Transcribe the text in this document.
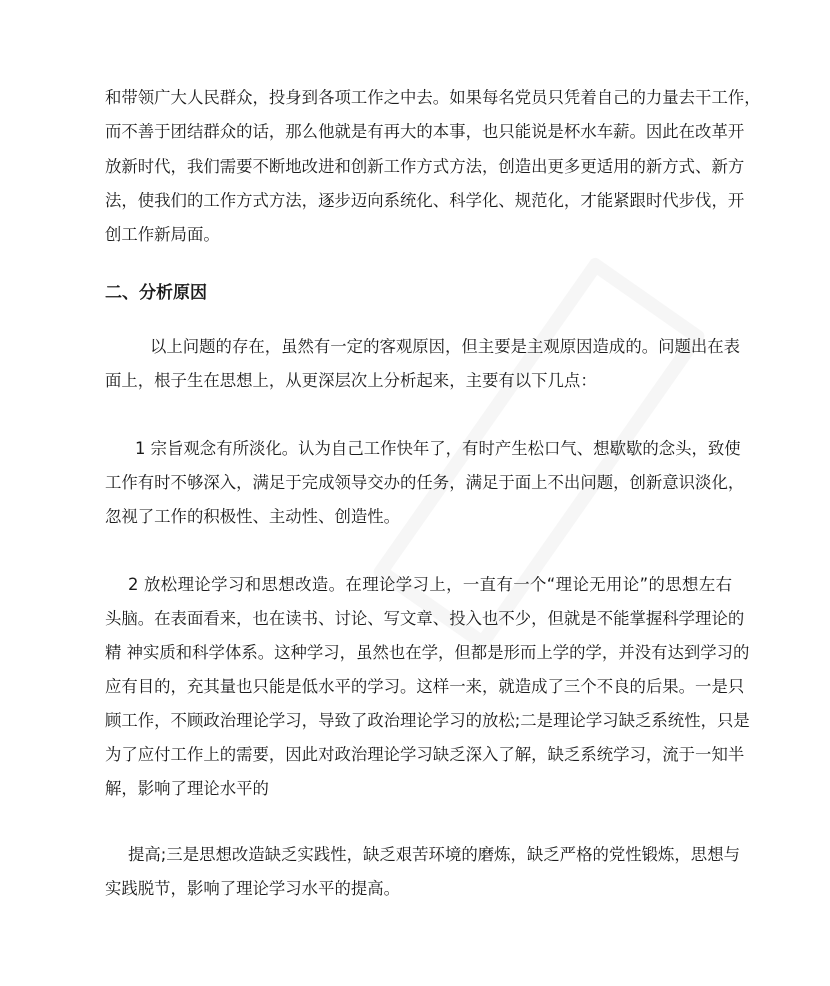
和带领广大人民群众，投身到各项工作之中去。如果每名党员只凭着自己的力量去干工作，
而不善于团结群众的话，那么他就是有再大的本事，也只能说是杯水车薪。因此在改革开
放新时代，我们需要不断地改进和创新工作方式方法，创造出更多更适用的新方式、新方
法，使我们的工作方式方法，逐步迈向系统化、科学化、规范化，才能紧跟时代步伐，开
创工作新局面。
二、分析原因
以上问题的存在，虽然有一定的客观原因，但主要是主观原因造成的。问题出在表
面上，根子生在思想上，从更深层次上分析起来，主要有以下几点：
1 宗旨观念有所淡化。认为自己工作快年了，有时产生松口气、想歇歇的念头，致使
工作有时不够深入，满足于完成领导交办的任务，满足于面上不出问题，创新意识淡化，
忽视了工作的积极性、主动性、创造性。
2 放松理论学习和思想改造。在理论学习上，一直有一个“理论无用论”的思想左右
头脑。在表面看来，也在读书、讨论、写文章、投入也不少，但就是不能掌握科学理论的
精 神实质和科学体系。这种学习，虽然也在学，但都是形而上学的学，并没有达到学习的
应有目的，充其量也只能是低水平的学习。这样一来，就造成了三个不良的后果。一是只
顾工作，不顾政治理论学习，导致了政治理论学习的放松;二是理论学习缺乏系统性，只是
为了应付工作上的需要，因此对政治理论学习缺乏深入了解，缺乏系统学习，流于一知半
解，影响了理论水平的
提高;三是思想改造缺乏实践性，缺乏艰苦环境的磨炼，缺乏严格的党性锻炼，思想与
实践脱节，影响了理论学习水平的提高。
